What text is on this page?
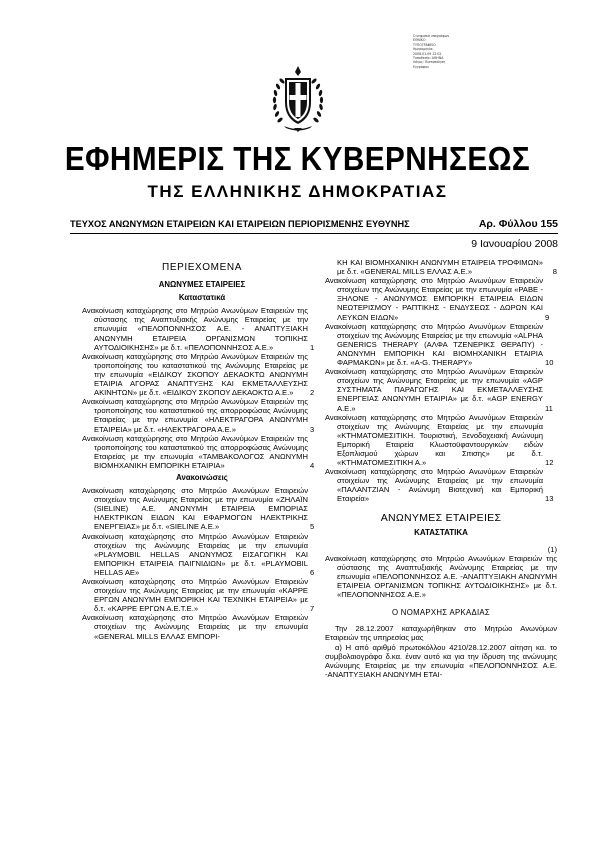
Ο ψηφιακά υπογράφων
ΕΘΝΙΚΟ
ΤΥΠΟΓΡΑΦΕΙΟ
Ημερομηνία:
2008.01.09 12:02
Τοποθεσία: ΑΘΗΝΑ
Λόγος: Πιστοποίηση
Εγγράφου
ΕΦΗΜΕΡΙΣ ΤΗΣ ΚΥΒΕΡΝΗΣΕΩΣ
ΤΗΣ ΕΛΛΗΝΙΚΗΣ ΔΗΜΟΚΡΑΤΙΑΣ
ΤΕΥΧΟΣ ΑΝΩΝΥΜΩΝ ΕΤΑΙΡΕΙΩΝ ΚΑΙ ΕΤΑΙΡΕΙΩΝ ΠΕΡΙΟΡΙΣΜΕΝΗΣ ΕΥΘΥΝΗΣ	Αρ. Φύλλου 155
9 Ιανουαρίου 2008
ΠΕΡΙΕΧΟΜΕΝΑ
ΑΝΩΝΥΜΕΣ ΕΤΑΙΡΕΙΕΣ
Καταστατικά
Ανακοίνωση καταχώρησης στο Μητρώο Ανωνύμων Εταιρειών της σύστασης της Αναπτυξιακής Ανώνυμης Εταιρείας με την επωνυμία «ΠΕΛΟΠΟΝΝΗΣΟΣ Α.Ε. - ΑΝΑΠΤΥΞΙΑΚΗ ΑΝΩΝΥΜΗ ΕΤΑΙΡΕΙΑ ΟΡΓΑΝΙΣΜΩΝ ΤΟΠΙΚΗΣ ΑΥΤΟΔΙΟΙΚΗΣΗΣ» με δ.τ. «ΠΕΛΟΠΟΝΝΗΣΟΣ Α.Ε.»	1
Ανακοίνωση καταχώρησης στο Μητρώο Ανωνύμων Εταιρειών της τροποποίησης του καταστατικού της Ανώνυμης Εταιρείας με την επωνυμία «ΕΙΔΙΚΟΥ ΣΚΟΠΟΥ ΔΕΚΑΟΚΤΩ ΑΝΩΝΥΜΗ ΕΤΑΙΡΙΑ ΑΓΟΡΑΣ ΑΝΑΠΤΥΞΗΣ ΚΑΙ ΕΚΜΕΤΑΛΛΕΥΣΗΣ ΑΚΙΝΗΤΩΝ» με δ.τ. «ΕΙΔΙΚΟΥ ΣΚΟΠΟΥ ΔΕΚΑΟΚΤΩ Α.Ε.» 2
Ανακοίνωση καταχώρησης στο Μητρώο Ανωνύμων Εταιρειών της τροποποίησης του καταστατικού της απορροφώσας Ανώνυμης Εταιρείας με την επωνυμία «ΗΛΕΚΤΡΑΓΟΡΑ ΑΝΩΝΥΜΗ ΕΤΑΙΡΕΙΑ» με δ.τ. «ΗΛΕΚΤΡΑΓΟΡΑ Α.Ε.»	3
Ανακοίνωση καταχώρησης στο Μητρώο Ανωνύμων Εταιρειών της τροποποίησης του καταστατικού της απορροφώσας Ανώνυμης Εταιρείας με την επωνυμία «ΤΑΜΒΑΚΟΛΟΓΟΣ ΑΝΩΝΥΜΗ ΒΙΟΜΗΧΑΝΙΚΗ ΕΜΠΟΡΙΚΗ ΕΤΑΙΡΙΑ»	4
Ανακοινώσεις
Ανακοίνωση καταχώρησης στο Μητρώο Ανωνύμων Εταιρειών στοιχείων της Ανώνυμης Εταιρείας με την επωνυμία «ΖΗΛΑΪΝ (SIELINE) Α.Ε. ΑΝΩΝΥΜΗ ΕΤΑΙΡΕΙΑ ΕΜΠΟΡΙΑΣ ΗΛΕΚΤΡΙΚΩΝ ΕΙΔΩΝ ΚΑΙ ΕΦΑΡΜΟΓΩΝ ΗΛΕΚΤΡΙΚΗΣ ΕΝΕΡΓΕΙΑΣ» με δ.τ. «SIELINE A.E.»	5
Ανακοίνωση καταχώρησης στο Μητρώο Ανωνύμων Εταιρειών στοιχείων της Ανώνυμης Εταιρείας με την επωνυμία «PLAYMOBIL HELLAS ΑΝΩΝΥΜΟΣ ΕΙΣΑΓΩΓΙΚΗ ΚΑΙ ΕΜΠΟΡΙΚΗ ΕΤΑΙΡΕΙΑ ΠΑΙΓΝΙΔΙΩΝ» με δ.τ. «PLAYMOBIL HELLAS AE»	6
Ανακοίνωση καταχώρησης στο Μητρώο Ανωνύμων Εταιρειών στοιχείων της Ανώνυμης Εταιρείας με την επωνυμία «ΚΑΡΡΕ ΕΡΓΩΝ ΑΝΩΝΥΜΗ ΕΜΠΟΡΙΚΗ ΚΑΙ ΤΕΧΝΙΚΗ ΕΤΑΙΡΕΙΑ» με δ.τ. «ΚΑΡΡΕ ΕΡΓΩΝ Α.Ε.Τ.Ε.»	7
Ανακοίνωση καταχώρησης στο Μητρώο Ανωνύμων Εταιρειών στοιχείων της Ανώνυμης Εταιρείας με την επωνυμία «GENERAL MILLS ΕΛΛΑΣ ΕΜΠΟΡΙ-
ΚΗ ΚΑΙ ΒΙΟΜΗΧΑΝΙΚΗ ΑΝΩΝΥΜΗ ΕΤΑΙΡΕΙΑ ΤΡΟΦΙΜΩΝ» με δ.τ. «GENERAL MILLS ΕΛΛΑΣ Α.Ε.»	8
Ανακοίνωση καταχώρησης στο Μητρώο Ανωνύμων Εταιρειών στοιχείων της Ανώνυμης Εταιρείας με την επωνυμία «ΡΑΒΕ - ΞΗΛΟΝΕ - ΑΝΩΝΥΜΟΣ ΕΜΠΟΡΙΚΗ ΕΤΑΙΡΕΙΑ ΕΙΔΩΝ ΝΕΩΤΕΡΙΣΜΟΥ - ΡΑΠΤΙΚΗΣ - ΕΝΔΥΣΕΩΣ - ΔΩΡΩΝ ΚΑΙ ΛΕΥΚΩΝ ΕΙΔΩΝ»	9
Ανακοίνωση καταχώρησης στο Μητρώο Ανωνύμων Εταιρειών στοιχείων της Ανώνυμης Εταιρείας με την επωνυμία «ALPHA GENERICS THERAPY (ΑΛΦΑ ΤΖΕΝΕΡΙΚΣ ΘΕΡΑΠΥ) - ΑΝΩΝΥΜΗ ΕΜΠΟΡΙΚΗ ΚΑΙ ΒΙΟΜΗΧΑΝΙΚΗ ΕΤΑΙΡΙΑ ΦΑΡΜΑΚΩΝ» με δ.τ. «A-G. THERAPY»	10
Ανακοίνωση καταχώρησης στο Μητρώο Ανωνύμων Εταιρειών στοιχείων της Ανώνυμης Εταιρείας με την επωνυμία «AGP ΣΥΣΤΗΜΑΤΑ ΠΑΡΑΓΩΓΗΣ ΚΑΙ ΕΚΜΕΤΑΛΛΕΥΣΗΣ ΕΝΕΡΓΕΙΑΣ ΑΝΩΝΥΜΗ ΕΤΑΙΡΙΑ» με δ.τ. «AGP ENERGY A.E.»	11
Ανακοίνωση καταχώρησης στο Μητρώο Ανωνύμων Εταιρειών στοιχείων της Ανώνυμης Εταιρείας με την επωνυμία «ΚΤΗΜΑΤΟΜΕΣΙΤΙΚΗ. Τουριστική, Ξενοδοχειακή Ανώνυμη Εμπορική Εταιρεία Κλωστοϋφαντουργικών ειδών Εξοπλισμού χώρων και Σιτισης» με δ.τ. «ΚΤΗΜΑΤΟΜΕΣΙΤΙΚΗ Α.»	12
Ανακοίνωση καταχώρησης στο Μητρώο Ανωνύμων Εταιρειών στοιχείων της Ανώνυμης Εταιρείας με την επωνυμία «ΠΑΛΑΝΤΖΙΑΝ - Ανώνυμη Βιοτεχνική και Εμπορική Εταιρεία»	13
ΑΝΩΝΥΜΕΣ ΕΤΑΙΡΕΙΕΣ
ΚΑΤΑΣΤΑΤΙΚΑ
(1)
Ανακοίνωση καταχώρησης στο Μητρώο Ανωνύμων Εταιρειών της σύστασης της Αναπτυξιακής Ανώνυμης Εταιρείας με την επωνυμία «ΠΕΛΟΠΟΝΝΗΣΟΣ Α.Ε. -ΑΝΑΠΤΥΞΙΑΚΗ ΑΝΩΝΥΜΗ ΕΤΑΙΡΕΙΑ ΟΡΓΑΝΙΣΜΩΝ ΤΟΠΙΚΗΣ ΑΥΤΟΔΙΟΙΚΗΣΗΣ» με δ.τ. «ΠΕΛΟΠΟΝΝΗΣΟΣ Α.Ε.»
Ο ΝΟΜΑΡΧΗΣ ΑΡΚΑΔΙΑΣ
Την 28.12.2007 καταχωρήθηκαν στο Μητρώο Ανωνύμων Εταιρειών της υπηρεσίας μας
α) Η από αριθμό πρωτοκόλλου 4210/28.12.2007 αίτηση κα. το συμβολαιογράφο δ.κα. έναν αυτό κα για την ίδρυση της ανώνυμης Ανώνυμης Εταιρείας με την επωνυμία «ΠΕΛΟΠΟΝΝΗΣΟΣ Α.Ε. -ΑΝΑΠΤΥΞΙΑΚΗ ΑΝΩΝΥΜΗ ΕΤΑΙ-
